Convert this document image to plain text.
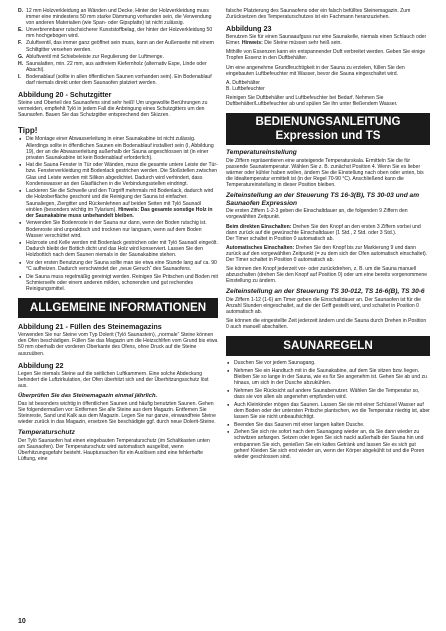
D. 12 mm Holzverkleidung an Wänden und Decke. Hinter der Holzverkleidung muss immer eine mindestens 50 mm starke Dämmung vorhanden sein, die Verwendung von anderen Materialien (wie Span- oder Gipsplatte) ist nicht zulässig.
E. Unverbrennbarer rutschsicherer Kunststoffbelag, der hinter der Holzverkleidung 50 mm hochgebogen wird.
F. Zuluftventil, das immer ganz geöffnet sein muss, kann an der Außenseite mit einem Schiltgitter versehen werden.
G. Abluftventil mit Schiebeleiste zur Regulierung der Luftmenge.
H. Saunalatten, min. 22 mm, aus astfreiem Kiefernholz (alternativ Espe, Linde oder Abachi).
I. Bodenablauf (sollte in allen öffentlichen Saunen vorhanden sein). Ein Bodenablauf darf niemals direkt unter dem Saunaofen platziert werden.
Abbildung 20 - Schutzgitter

Steine und Oberteil des Saunaofens sind sehr heiß! Um ungewollte Berührungen zu vermeiden, empfiehlt Tylö in jedem Fall die Anbringung eines Schutzgitters um den Saunaofen. Bauen Sie das Schutzgitter entsprechend den Skizzen.

Tipp!
● Die Montage einer Abwasserleitung in einer Saunakabine ist nicht zulässig. Allerdings sollte in öffentlichen Saunen ein Bodenablauf installiert sein (I, Abbildung 19), der an die Abwasserleitung außerhalb der Sauna angeschlossen ist (in einer privaten Saunakabine ist kein Bodenablauf erforderlich).
● Hat die Sauna Fenster in Tür oder Wänden, muss die gesamte untere Leiste der Tür- bzw. Fensterverkleidung mit Bodenlack gestrichen werden. Die Stoßstellen zwischen Glas und Leiste werden mit Silikon abgedichtet. Dadurch wird verhindert, dass Kondenswasser an den Glasflächen in die Verbindungsstellen eindringt.
● Lackieren Sie die Schwelle und den Türgriff mehrmals mit Bodenlack, dadurch wird die Holzoberfläche geschont und die Reinigung der Sauna ist einfacher. Saunaliegen, Ziergitter und Rückenlehnen auf beiden Seiten mit Tylö Saunaöl einölen (besonders wichtig im Tylarium). Hinweis: Das gesamte sonstige Holz in der Saunakabine muss unbehandelt bleiben.
● Verwenden Sie Bodenroste in der Sauna nur dann, wenn der Boden rutschig ist. Bodenroste sind unpraktisch und trocknen nur langsam, wenn auf dem Boden Wasser verschüttet wird.
● Holzroste und Kelle werden mit Bodenlack gestrichen oder mit Tylö Saunaöl eingeölt. Dadurch bleibt der Bottich dicht und das Holz wird konserviert. Lassen Sie den Holzbottich nach dem Saunen niemals in der Saunakabine stehen.
● Vor der ersten Benutzung der Sauna sollte man sie etwa eine Stunde lang auf ca. 90 °C aufheizen. Dadurch verschwindet der „neue Geruch“ des Saunaofens.
● Die Sauna muss regelmäßig gereinigt werden. Reinigen Sie Pritschen und Boden mit Schmierseife oder einem anderen milden, schonenden und gut rechendes Reinigungsmittel.
ALLGEMEINE INFORMATIONEN
Abbildung 21 - Füllen des Steinemagazins

Verwenden Sie nur Steine vom Typ Dolerit (Tylö Saunastein), „normale“ Steine können den Ofen beschädigen. Füllen Sie das Magazin um die Heizschlifen vom Grund bis etwa 50 mm oberhalb der vorderen Oberkante des Ofens, ohne Druck auf die Steine auszuüben.

Abbildung 22

Legen Sie niemals Steine auf die seitlichen Luftkammern. Eine solche Abdeckung behindert die Luftzirkulation, der Ofen überhitzt sich und der Überhitzungsschutz löst aus.

Überprüfen Sie das Steinemagazin einmal jährlich.

Das ist besonders wichtig in öffentlichen Saunen und häufig benutzten Saunen. Gehen Sie folgendermaßen vor: Entfernen Sie alle Steine aus dem Magazin. Entfernen Sie Steinreste, Sand und Kalk aus dem Magazin. Legen Sie nur ganze, einwandfreie Steine wieder zurück in das Magazin, ersetzen Sie beschädigte ggf. durch neue Dolerit-Steine.

Temperaturschutz

Der Tylö Saunaofen hat einen eingebauten Temperaturschutz (im Schaltkasten unten am Saunaofen). Der Temperaturschutz wird automatisch ausgelöst, wenn Überhitzungsgefahr besteht. Hauptursachen für ein Auslösen sind eine fehlerhafte Lüftung, eine

falsche Platzierung des Saunaofens oder ein falsch befülltes Steinemagazin. Zum Zurücksetzen des Temperaturschutzes ist ein Fachmann heranzuziehen.

Abbildung 23

Benutzen Sie für einen Saunaaufguss nur eine Saunakelle, niemals einen Schlauch oder Eimer. Hinweis: Die Steine müssen sehr heiß sein.

Mithilfe von Essenzen kann ein entspannender Duft verbreitet werden. Geben Sie einige Tropfen Essenz in den Duftbehälter.

Um eine angenehme Grundfeuchtigkeit in der Sauna zu erzielen, füllen Sie den eingebauten Luftbefeuchter mit Wasser, bevor die Sauna eingeschaltet wird.

A. Duftbehälter
B. Luftbefeuchter

Reinigen Sie Duftbehälter und Luftbefeuchter bei Bedarf. Nehmen Sie Duftbehälter/Luftbefeuchter ab und spülen Sie ihn unter fließendem Wasser.

BEDIENUNGSANLEITUNG
Expression und TS
Temperatureinstellung

Die Ziffern repräsentieren eine ansteigende Temperaturskala. Ermitteln Sie die für passende Saunatemperatur. Wählen Sie z. B. zunächst Position 4. Wenn Sie es lieber wärmer oder kühler haben wollen, ändern Sie die Einstellung nach oben oder unten, bis die Idealtemperatur ermittelt ist (in der Regel 70-90 °C). Anschließend kann die Temperatureinstellung in dieser Position bleiben.

Zeiteinstellung an der Steuerung TS 16-3(B), TS 30-03 und am Saunaofen Expression

Die ersten Ziffern 1-2-3 geben die Einschaltdauer an, die folgenden 9 Ziffern den vorgewählten Zeitpunkt.

Beim direkten Einschalten: Drehen Sie den Knopf an den ersten 3 Ziffern vorbei und dann zurück auf die gewünschte Einschaltdauer (1 Std., 2 Std. oder 3 Std.).
Der Timer schaltet in Position 0 automatisch ab.

Automatisches Einschalten: Drehen Sie den Knopf bis zur Markierung 9 und dann zurück auf den vorgewählten Zeitpunkt (= zu dem sich der Ofen automatisch einschaltet). Der Timer schaltet in Position 0 automatisch ab.

Sie können den Knopf jederzeit vor- oder zurückdrehen, z. B. um die Sauna manuell abzuschalten (drehen Sie den Knopf auf Position 0) oder um eine bereits vorgenommene Einstellung zu ändern.

Zeiteinstellung an der Steuerung TS 30-012, TS 16-6(B), TS 30-6

Die Ziffern 1-12 (1-6) am Timer geben die Einschaltdauer an. Der Saunaofen ist für die Anzahl Stunden eingeschaltet, auf die der Griff gestellt wird, und schaltet in Position 0 automatisch ab.

Sie können die eingestellte Zeit jederzeit ändern und die Sauna durch Drehen in Position 0 auch manuell abschalten.

SAUNAREGELN
● Duschen Sie vor jedem Saunagang.
● Nehmen Sie ein Handtuch mit in die Saunakabine, auf dem Sie sitzen bzw. liegen. Bleiben Sie so lange in der Sauna, wie es für Sie angenehm ist. Gehen Sie ab und zu hinaus, um sich in der Dusche abzukühlen.
● Nehmen Sie Rücksicht auf andere Saunabenutzer. Wählen Sie die Temperatur so, dass sie von allen als angenehm empfunden wird.
● Auch Kleinkinder mögen das Saunen. Lassen Sie sie mit einer Schüssel Wasser auf dem Boden oder der untersten Pritsche plantschen, wo die Temperatur niedrig ist, aber lassen Sie sie nicht unbeaufsichtigt.
● Beenden Sie das Saunen mit einer langen kalten Dusche.
● Ziehen Sie sich nie sofort nach dem Saunagang wieder an, da Sie dann wieder zu schwitzen anfangen. Setzen oder legen Sie sich nackt außerhalb der Sauna hin und entspannen Sie sich, genießen Sie ein kaltes Getränk und lassen Sie es sich gut gehen! Kleiden Sie sich erst wieder an, wenn der Körper abgekühlt ist und die Poren wieder geschlossen sind.
10
